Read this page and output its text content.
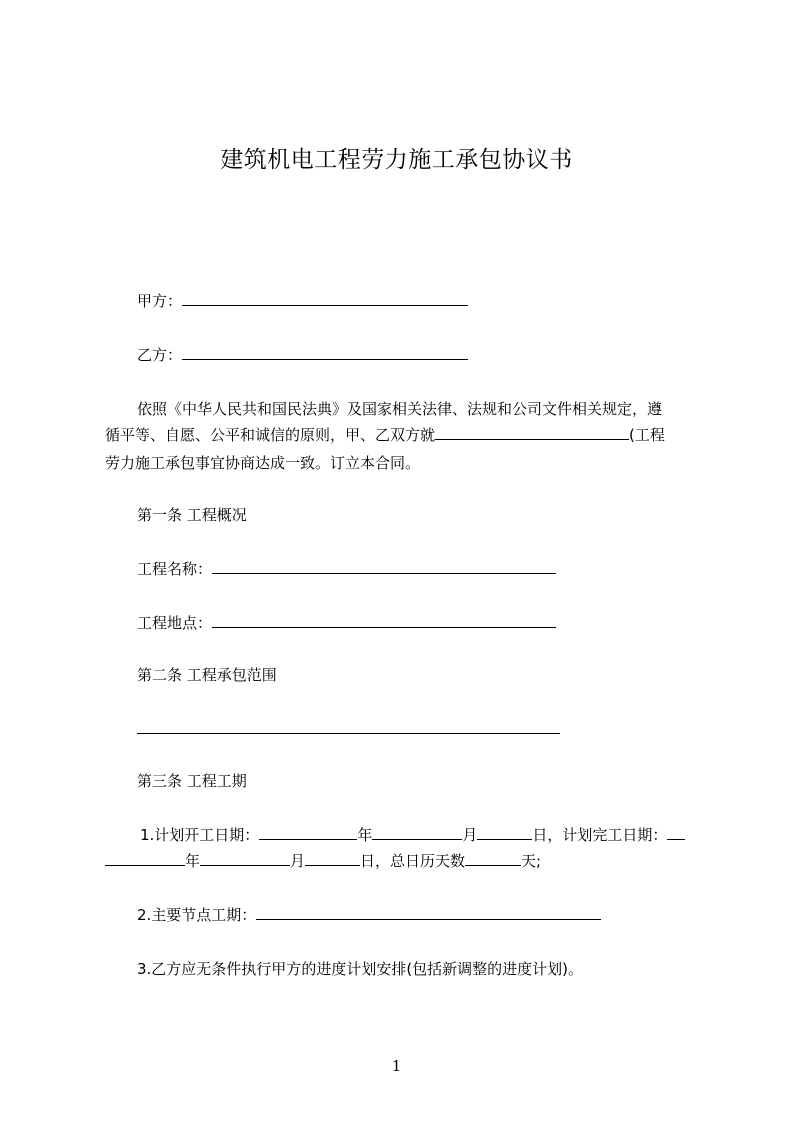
建筑机电工程劳力施工承包协议书
甲方：
乙方：
依照《中华人民共和国民法典》及国家相关法律、法规和公司文件相关规定，遵
循平等、自愿、公平和诚信的原则，甲、乙双方就	(工程
劳力施工承包事宜协商达成一致。订立本合同。
第一条 工程概况
工程名称：
工程地点：
第二条 工程承包范围
第三条 工程工期
1.计划开工日期：	年	月	日，计划完工日期：
年	月	日，总日历天数	天;
2.主要节点工期：
3.乙方应无条件执行甲方的进度计划安排(包括新调整的进度计划)。
1
